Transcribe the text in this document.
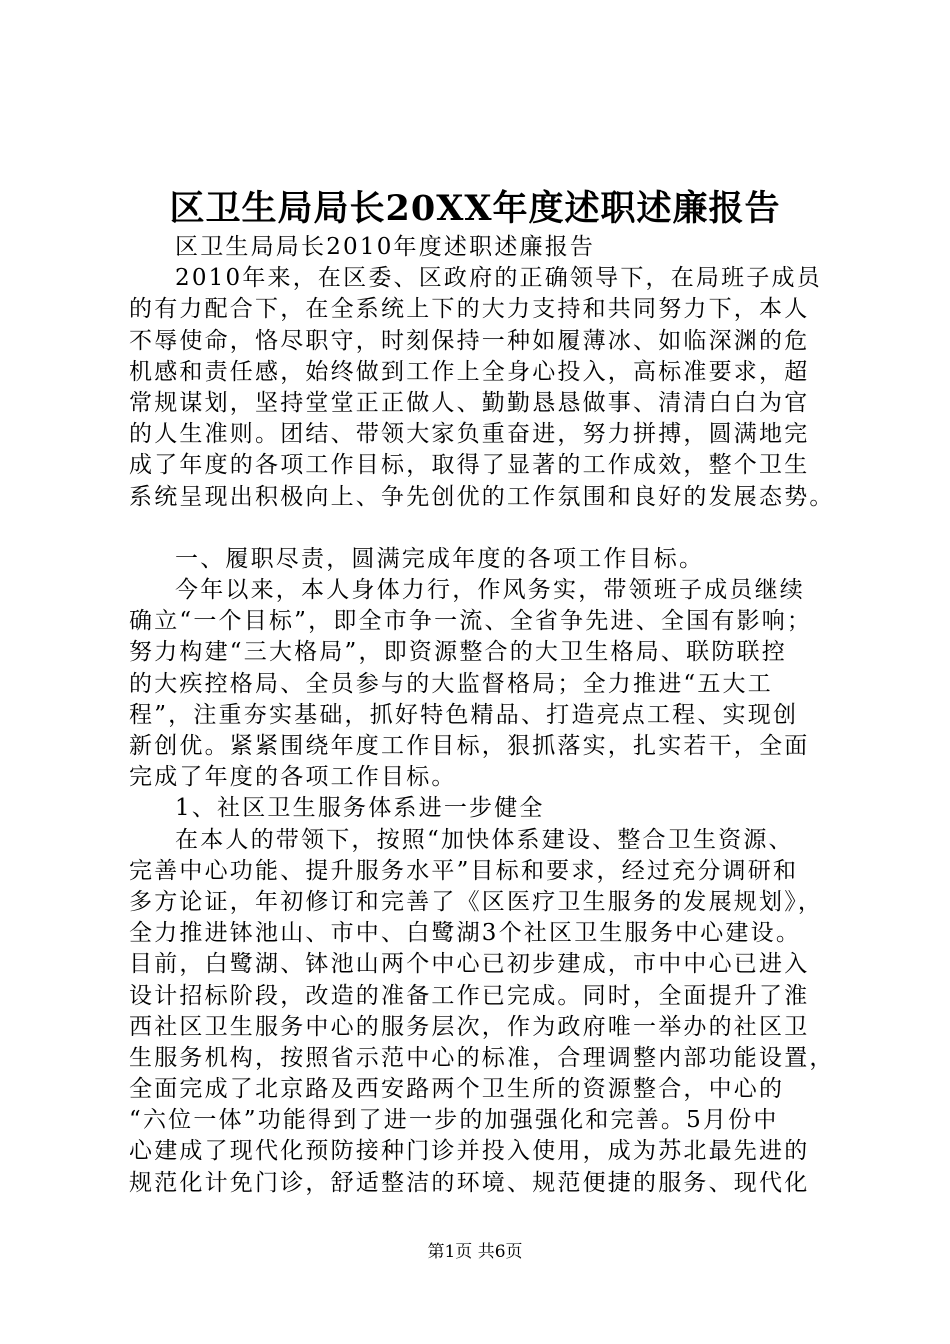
区卫生局局长20XX年度述职述廉报告
区卫生局局长2010年度述职述廉报告
2010年来，在区委、区政府的正确领导下，在局班子成员
的有力配合下，在全系统上下的大力支持和共同努力下，本人
不辱使命，恪尽职守，时刻保持一种如履薄冰、如临深渊的危
机感和责任感，始终做到工作上全身心投入，高标准要求，超
常规谋划，坚持堂堂正正做人、勤勤恳恳做事、清清白白为官
的人生准则。团结、带领大家负重奋进，努力拼搏，圆满地完
成了年度的各项工作目标，取得了显著的工作成效，整个卫生
系统呈现出积极向上、争先创优的工作氛围和良好的发展态势。
一、履职尽责，圆满完成年度的各项工作目标。
今年以来，本人身体力行，作风务实，带领班子成员继续
确立“一个目标”，即全市争一流、全省争先进、全国有影响；
努力构建“三大格局”，即资源整合的大卫生格局、联防联控
的大疾控格局、全员参与的大监督格局；全力推进“五大工
程”，注重夯实基础，抓好特色精品、打造亮点工程、实现创
新创优。紧紧围绕年度工作目标，狠抓落实，扎实若干，全面
完成了年度的各项工作目标。
1、社区卫生服务体系进一步健全
在本人的带领下，按照“加快体系建设、整合卫生资源、
完善中心功能、提升服务水平”目标和要求，经过充分调研和
多方论证，年初修订和完善了《区医疗卫生服务的发展规划》，
全力推进钵池山、市中、白鹭湖3个社区卫生服务中心建设。
目前，白鹭湖、钵池山两个中心已初步建成，市中中心已进入
设计招标阶段，改造的准备工作已完成。同时，全面提升了淮
西社区卫生服务中心的服务层次，作为政府唯一举办的社区卫
生服务机构，按照省示范中心的标准，合理调整内部功能设置，
全面完成了北京路及西安路两个卫生所的资源整合，中心的
“六位一体”功能得到了进一步的加强强化和完善。5月份中
心建成了现代化预防接种门诊并投入使用，成为苏北最先进的
规范化计免门诊，舒适整洁的环境、规范便捷的服务、现代化
第1页 共6页
